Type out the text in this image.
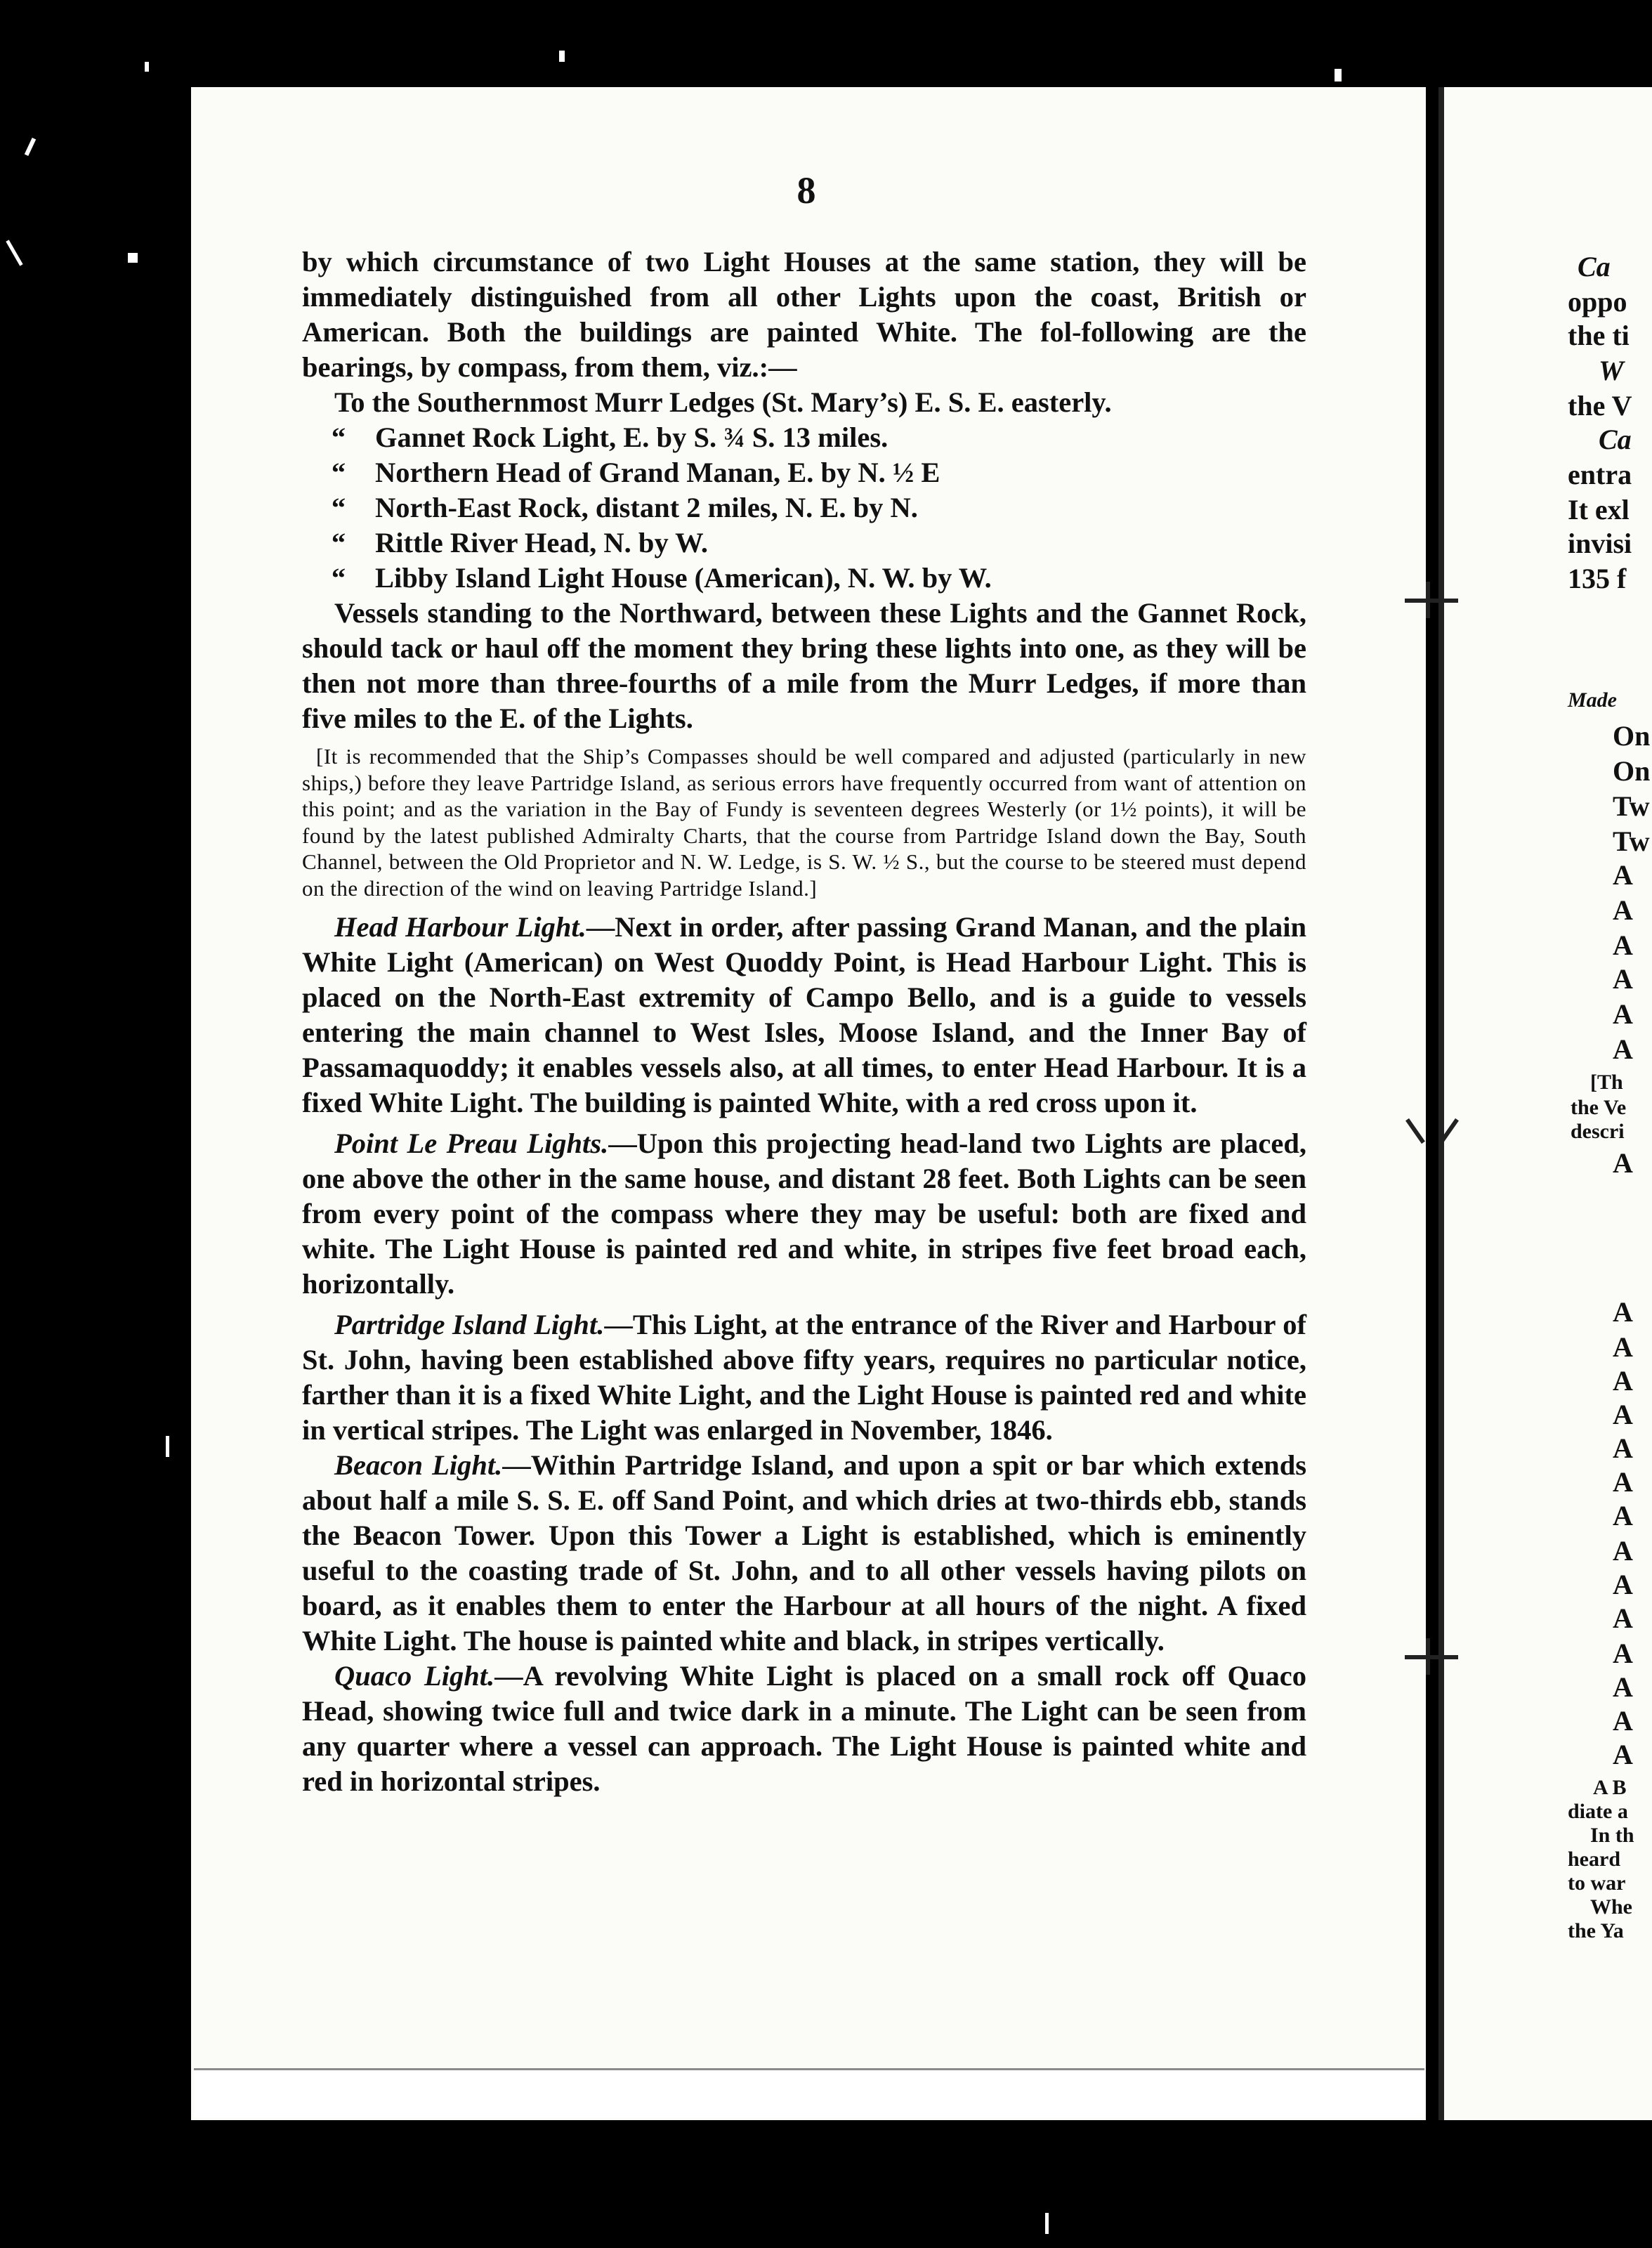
8

by which circumstance of two Light Houses at the same station, they will be immediately distinguished from all other Lights upon the coast, British or American. Both the buildings are painted White. The fol-following are the bearings, by compass, from them, viz.:—

To the Southernmost Murr Ledges (St. Mary’s) E. S. E. easterly.

“	Gannet Rock Light, E. by S. ¾ S. 13 miles.
“	Northern Head of Grand Manan, E. by N. ½ E
“	North-East Rock, distant 2 miles, N. E. by N.
“	Rittle River Head, N. by W.
“	Libby Island Light House (American), N. W. by W.

Vessels standing to the Northward, between these Lights and the Gannet Rock, should tack or haul off the moment they bring these lights into one, as they will be then not more than three-fourths of a mile from the Murr Ledges, if more than five miles to the E. of the Lights.

[It is recommended that the Ship’s Compasses should be well compared and adjusted (particularly in new ships,) before they leave Partridge Island, as serious errors have frequently occurred from want of attention on this point; and as the variation in the Bay of Fundy is seventeen degrees Westerly (or 1½ points), it will be found by the latest published Admiralty Charts, that the course from Partridge Island down the Bay, South Channel, between the Old Proprietor and N. W. Ledge, is S. W. ½ S., but the course to be steered must depend on the direction of the wind on leaving Partridge Island.]

Head Harbour Light.—Next in order, after passing Grand Manan, and the plain White Light (American) on West Quoddy Point, is Head Harbour Light. This is placed on the North-East extremity of Campo Bello, and is a guide to vessels entering the main channel to West Isles, Moose Island, and the Inner Bay of Passamaquoddy; it enables vessels also, at all times, to enter Head Harbour. It is a fixed White Light. The building is painted White, with a red cross upon it.

Point Le Preau Lights.—Upon this projecting head-land two Lights are placed, one above the other in the same house, and distant 28 feet. Both Lights can be seen from every point of the compass where they may be useful: both are fixed and white. The Light House is painted red and white, in stripes five feet broad each, horizontally.

Partridge Island Light.—This Light, at the entrance of the River and Harbour of St. John, having been established above fifty years, requires no particular notice, farther than it is a fixed White Light, and the Light House is painted red and white in vertical stripes. The Light was enlarged in November, 1846.

Beacon Light.—Within Partridge Island, and upon a spit or bar which extends about half a mile S. S. E. off Sand Point, and which dries at two-thirds ebb, stands the Beacon Tower. Upon this Tower a Light is established, which is eminently useful to the coasting trade of St. John, and to all other vessels having pilots on board, as it enables them to enter the Harbour at all hours of the night. A fixed White Light. The house is painted white and black, in stripes vertically.

Quaco Light.—A revolving White Light is placed on a small rock off Quaco Head, showing twice full and twice dark in a minute. The Light can be seen from any quarter where a vessel can approach. The Light House is painted white and red in horizontal stripes.

Ca
oppo
the ti
W
the V
Ca
entra
It exl
invisi
135 f
Made
On
On
Tw
Tw
A
A
A
A
A
A
[Th
the Ve
descri
A
A
A
A
A
A
A
A
A
A
A
A
A
A
A
A B
diate a
In th
heard
to war
Whe
the Ya
